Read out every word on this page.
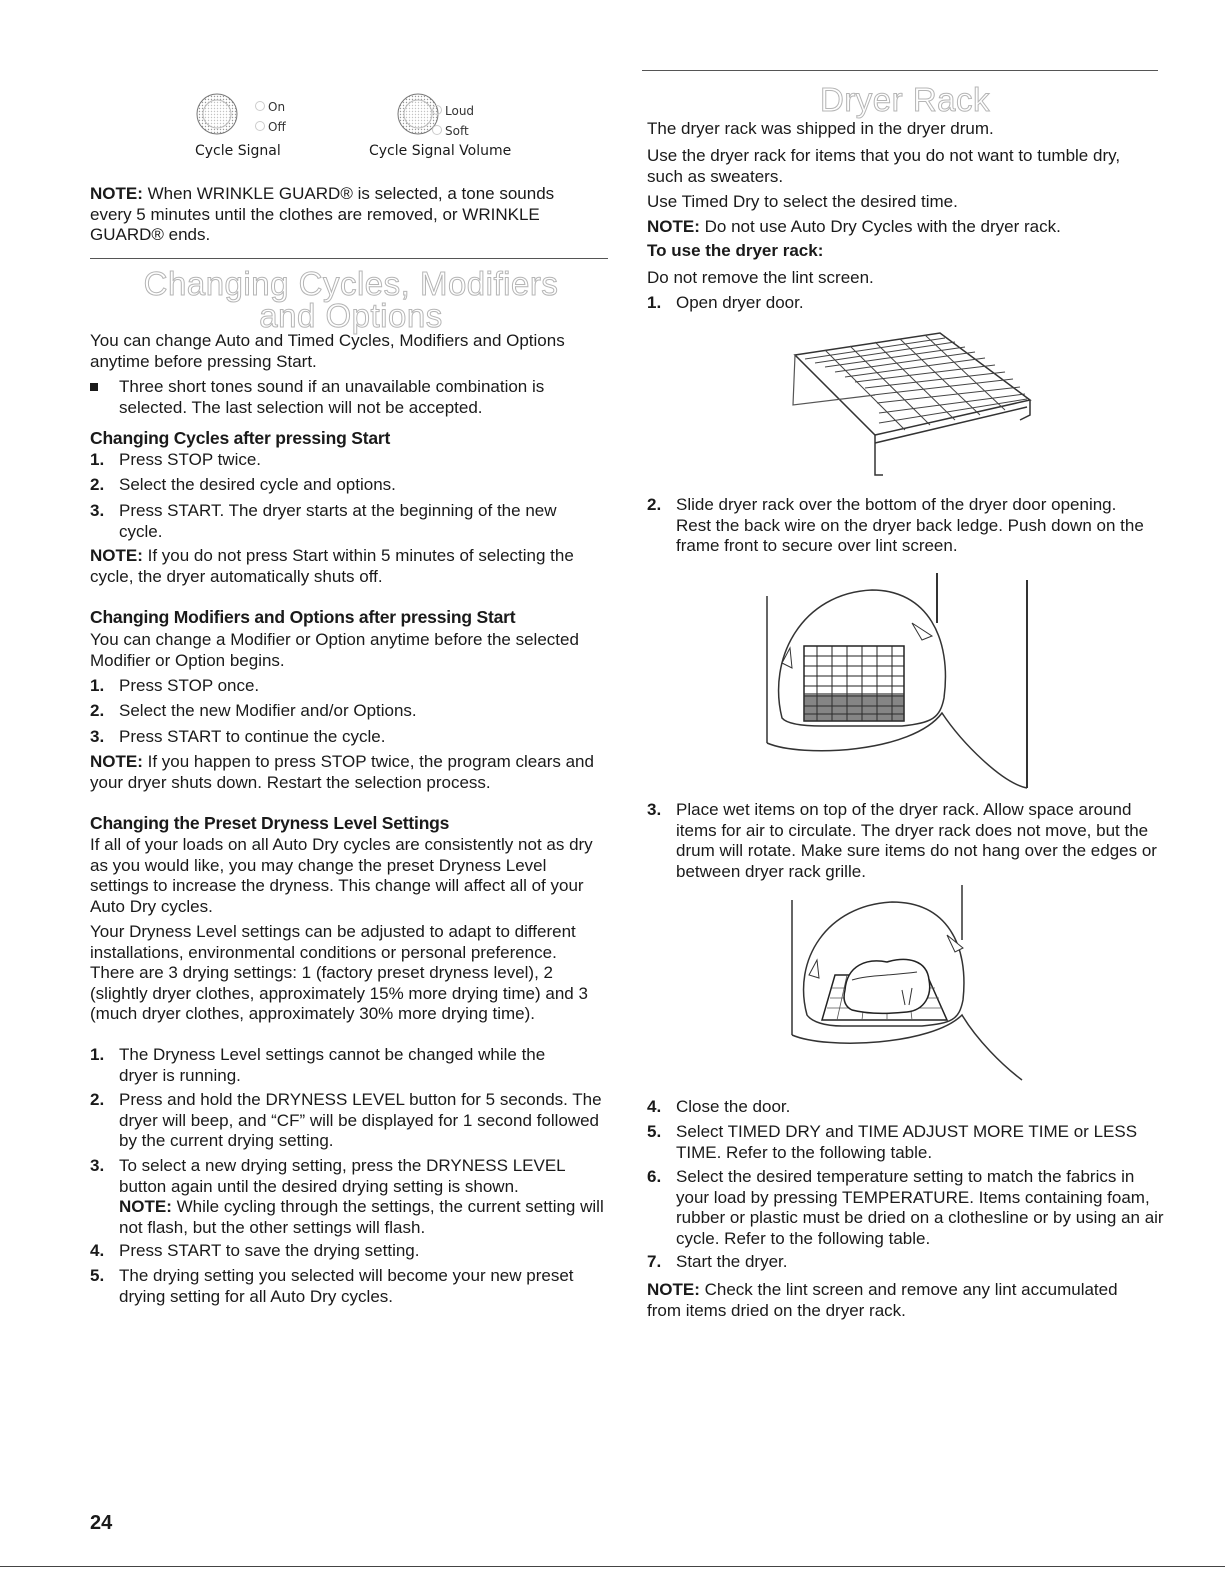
On
Off
Cycle Signal
Loud
Soft
Cycle Signal Volume

NOTE: When WRINKLE GUARD® is selected, a tone sounds

every 5 minutes until the clothes are removed, or WRINKLE

GUARD® ends.

Changing Cycles, Modifiers
and Options

You can change Auto and Timed Cycles, Modifiers and Options anytime before pressing Start.

Three short tones sound if an unavailable combination is selected. The last selection will not be accepted.

Changing Cycles after pressing Start

1. Press STOP twice.
2. Select the desired cycle and options.
3. Press START. The dryer starts at the beginning of the new cycle.

NOTE: If you do not press Start within 5 minutes of selecting the cycle, the dryer automatically shuts off.

Changing Modifiers and Options after pressing Start

You can change a Modifier or Option anytime before the selected Modifier or Option begins.

1. Press STOP once.
2. Select the new Modifier and/or Options.
3. Press START to continue the cycle.

NOTE: If you happen to press STOP twice, the program clears and your dryer shuts down. Restart the selection process.

Changing the Preset Dryness Level Settings

If all of your loads on all Auto Dry cycles are consistently not as dry as you would like, you may change the preset Dryness Level settings to increase the dryness. This change will affect all of your Auto Dry cycles.

Your Dryness Level settings can be adjusted to adapt to different installations, environmental conditions or personal preference. There are 3 drying settings: 1 (factory preset dryness level), 2 (slightly dryer clothes, approximately 15% more drying time) and 3 (much dryer clothes, approximately 30% more drying time).

1. The Dryness Level settings cannot be changed while the dryer is running.

2. Press and hold the DRYNESS LEVEL button for 5 seconds. The dryer will beep, and “CF” will be displayed for 1 second followed by the current drying setting.

3. To select a new drying setting, press the DRYNESS LEVEL button again until the desired drying setting is shown.
NOTE: While cycling through the settings, the current setting will not flash, but the other settings will flash.

4. Press START to save the drying setting.
5. The drying setting you selected will become your new preset drying setting for all Auto Dry cycles.

Dryer Rack

The dryer rack was shipped in the dryer drum.

Use the dryer rack for items that you do not want to tumble dry, such as sweaters.

Use Timed Dry to select the desired time.

NOTE: Do not use Auto Dry Cycles with the dryer rack.

To use the dryer rack:

Do not remove the lint screen.

1. Open dryer door.
2. Slide dryer rack over the bottom of the dryer door opening. Rest the back wire on the dryer back ledge. Push down on the frame front to secure over lint screen.

3. Place wet items on top of the dryer rack. Allow space around items for air to circulate. The dryer rack does not move, but the drum will rotate. Make sure items do not hang over the edges or between dryer rack grille.

4. Close the door.
5. Select TIMED DRY and TIME ADJUST MORE TIME or LESS TIME. Refer to the following table.

6. Select the desired temperature setting to match the fabrics in your load by pressing TEMPERATURE. Items containing foam, rubber or plastic must be dried on a clothesline or by using an air cycle. Refer to the following table.

7. Start the dryer.

NOTE: Check the lint screen and remove any lint accumulated from items dried on the dryer rack.

24
